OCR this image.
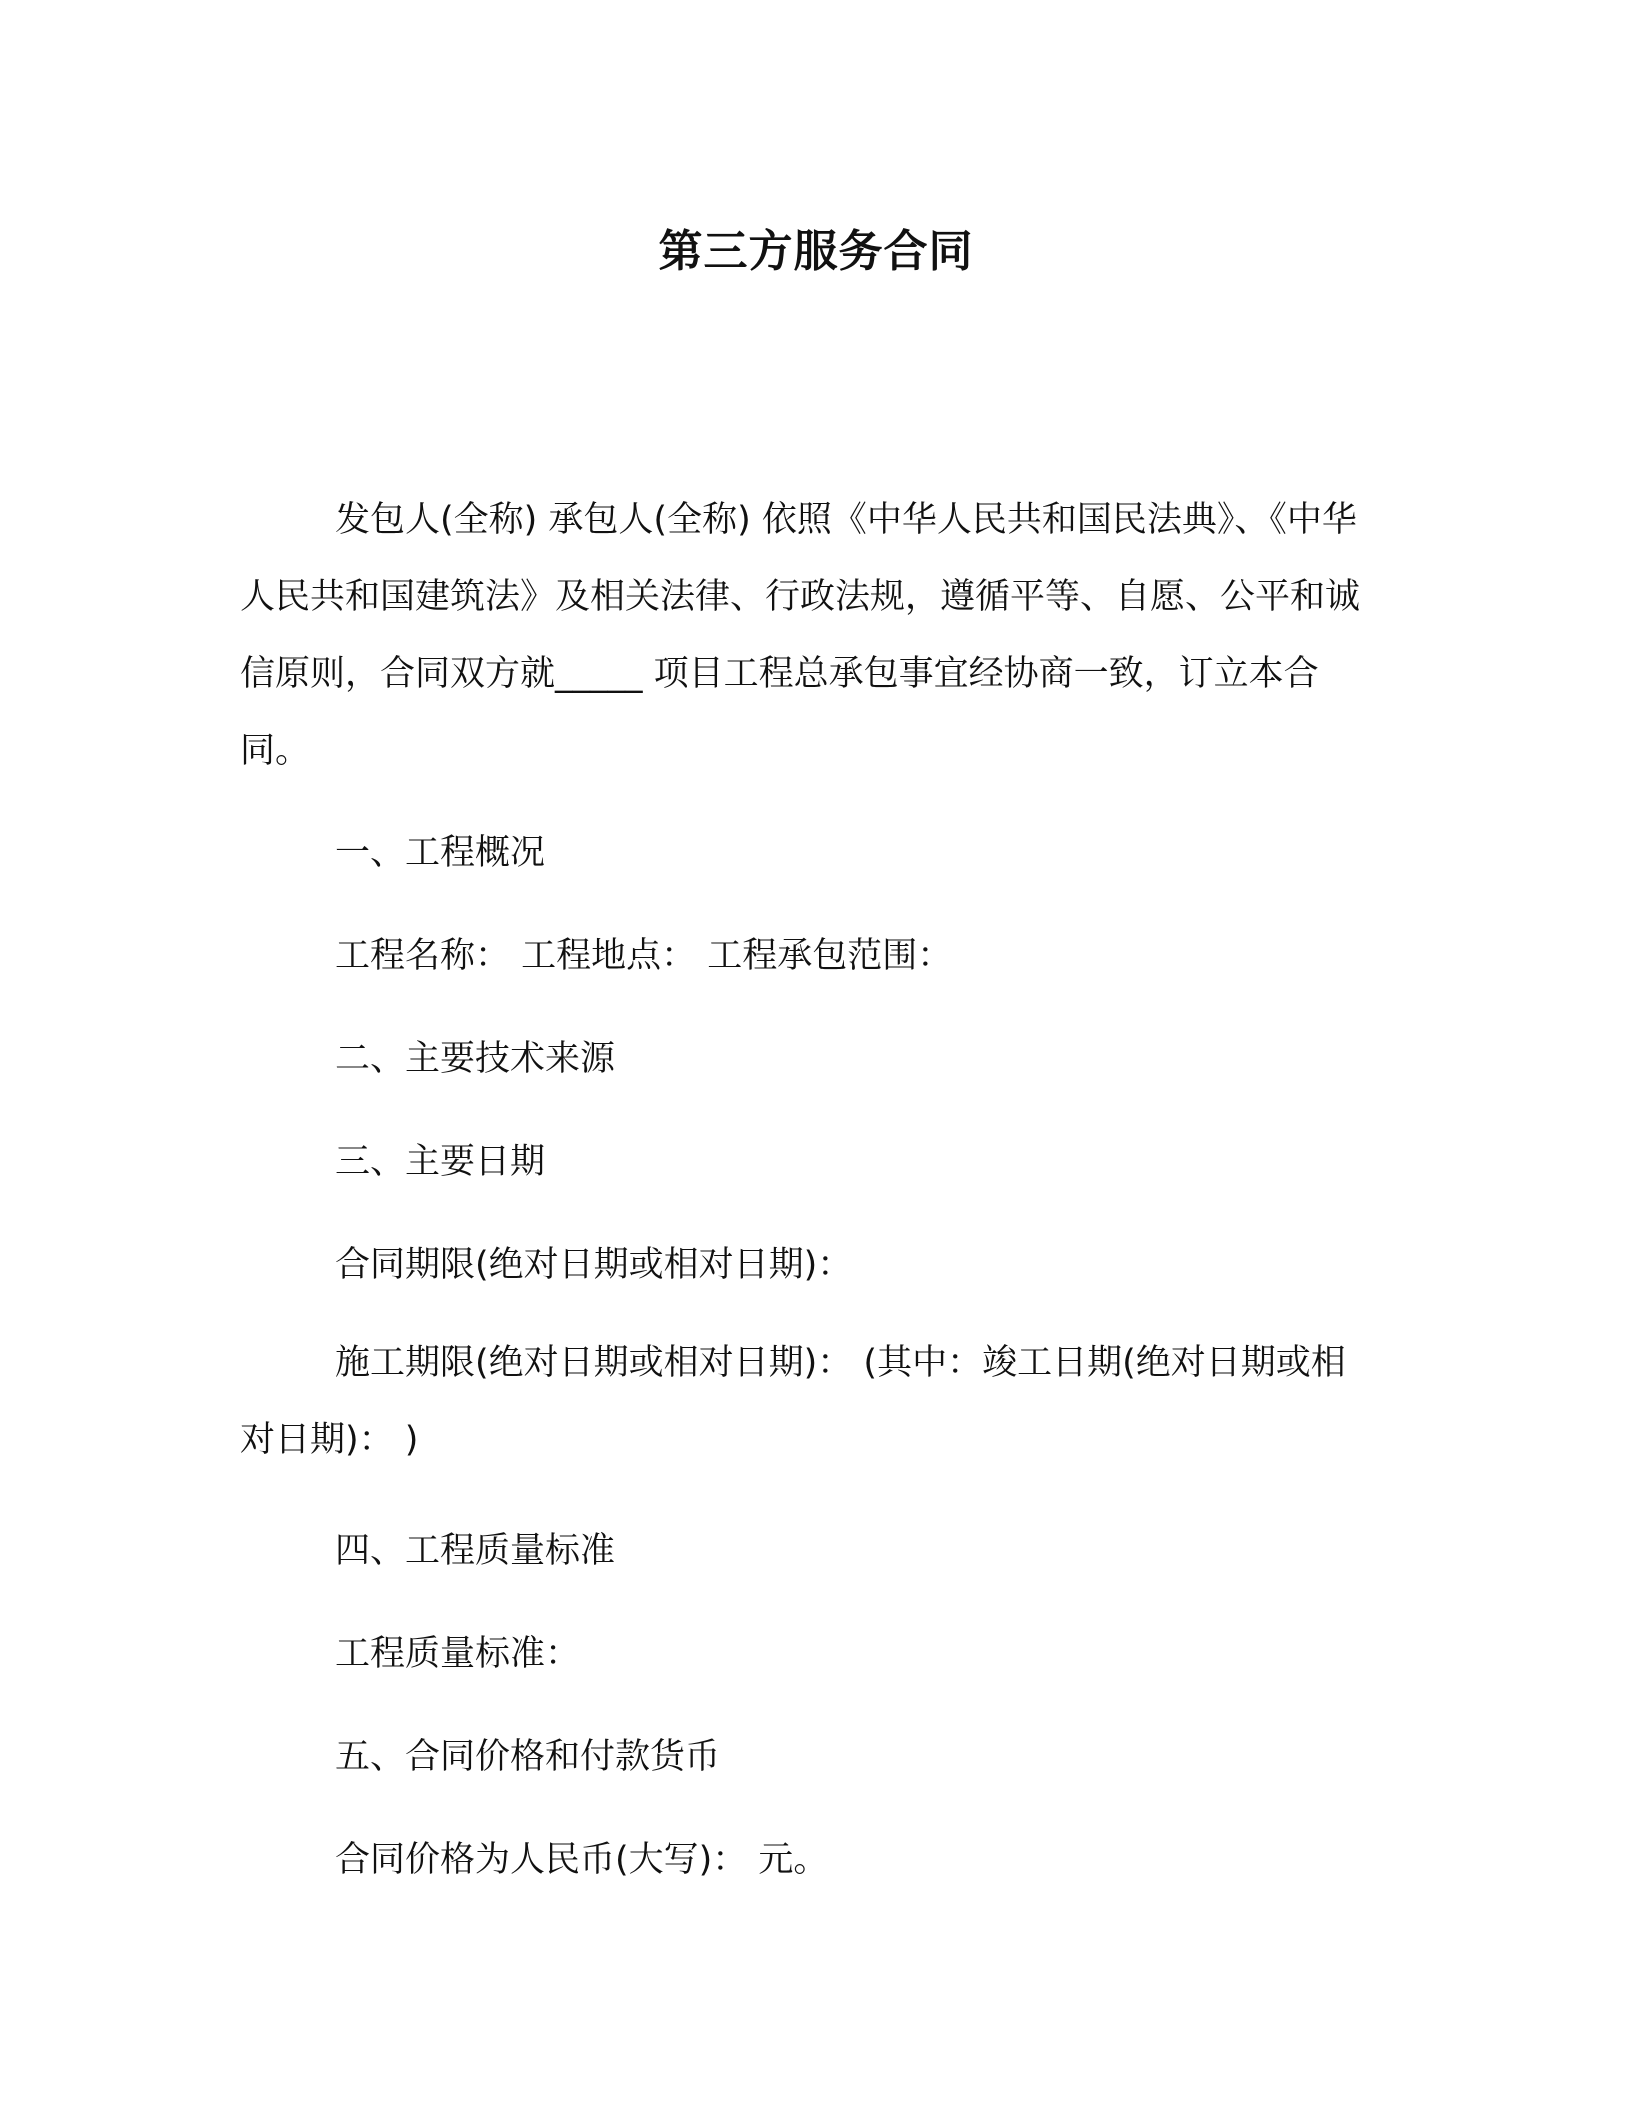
第三方服务合同

发包人(全称) 承包人(全称) 依照《中华人民共和国民法典》、《中华人民共和国建筑法》及相关法律、行政法规，遵循平等、自愿、公平和诚信原则，合同双方就_____ 项目工程总承包事宜经协商一致，订立本合同。

一、工程概况
工程名称： 工程地点： 工程承包范围：
二、主要技术来源
三、主要日期
合同期限(绝对日期或相对日期)：

施工期限(绝对日期或相对日期)： (其中：竣工日期(绝对日期或相对日期)： )

四、工程质量标准
工程质量标准：
五、合同价格和付款货币
合同价格为人民币(大写)： 元。
